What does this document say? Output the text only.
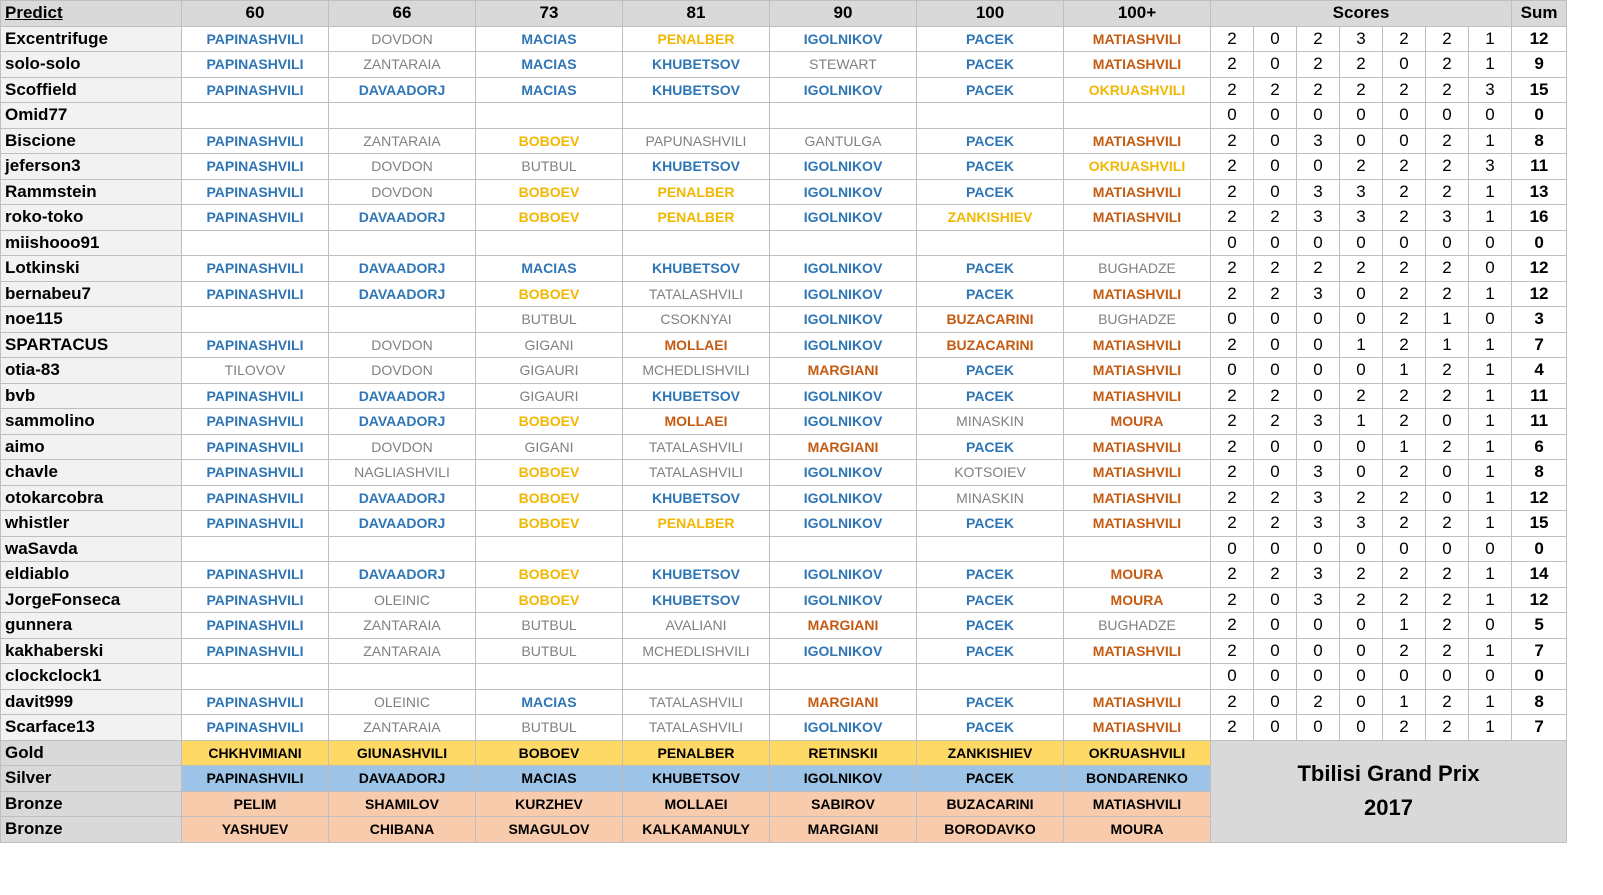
Predict	60	66	73	81	90	100	100+	Scores							Sum
Excentrifuge	PAPINASHVILI	DOVDON	MACIAS	PENALBER	IGOLNIKOV	PACEK	MATIASHVILI	2	0	2	3	2	2	1	12
solo-solo	PAPINASHVILI	ZANTARAIA	MACIAS	KHUBETSOV	STEWART	PACEK	MATIASHVILI	2	0	2	2	0	2	1	9
Scoffield	PAPINASHVILI	DAVAADORJ	MACIAS	KHUBETSOV	IGOLNIKOV	PACEK	OKRUASHVILI	2	2	2	2	2	2	3	15
Omid77								0	0	0	0	0	0	0	0
Biscione	PAPINASHVILI	ZANTARAIA	BOBOEV	PAPUNASHVILI	GANTULGA	PACEK	MATIASHVILI	2	0	3	0	0	2	1	8
jeferson3	PAPINASHVILI	DOVDON	BUTBUL	KHUBETSOV	IGOLNIKOV	PACEK	OKRUASHVILI	2	0	0	2	2	2	3	11
Rammstein	PAPINASHVILI	DOVDON	BOBOEV	PENALBER	IGOLNIKOV	PACEK	MATIASHVILI	2	0	3	3	2	2	1	13
roko-toko	PAPINASHVILI	DAVAADORJ	BOBOEV	PENALBER	IGOLNIKOV	ZANKISHIEV	MATIASHVILI	2	2	3	3	2	3	1	16
miishooo91								0	0	0	0	0	0	0	0
Lotkinski	PAPINASHVILI	DAVAADORJ	MACIAS	KHUBETSOV	IGOLNIKOV	PACEK	BUGHADZE	2	2	2	2	2	2	0	12
bernabeu7	PAPINASHVILI	DAVAADORJ	BOBOEV	TATALASHVILI	IGOLNIKOV	PACEK	MATIASHVILI	2	2	3	0	2	2	1	12
noe115			BUTBUL	CSOKNYAI	IGOLNIKOV	BUZACARINI	BUGHADZE	0	0	0	0	2	1	0	3
SPARTACUS	PAPINASHVILI	DOVDON	GIGANI	MOLLAEI	IGOLNIKOV	BUZACARINI	MATIASHVILI	2	0	0	1	2	1	1	7
otia-83	TILOVOV	DOVDON	GIGAURI	MCHEDLISHVILI	MARGIANI	PACEK	MATIASHVILI	0	0	0	0	1	2	1	4
bvb	PAPINASHVILI	DAVAADORJ	GIGAURI	KHUBETSOV	IGOLNIKOV	PACEK	MATIASHVILI	2	2	0	2	2	2	1	11
sammolino	PAPINASHVILI	DAVAADORJ	BOBOEV	MOLLAEI	IGOLNIKOV	MINASKIN	MOURA	2	2	3	1	2	0	1	11
aimo	PAPINASHVILI	DOVDON	GIGANI	TATALASHVILI	MARGIANI	PACEK	MATIASHVILI	2	0	0	0	1	2	1	6
chavle	PAPINASHVILI	NAGLIASHVILI	BOBOEV	TATALASHVILI	IGOLNIKOV	KOTSOIEV	MATIASHVILI	2	0	3	0	2	0	1	8
otokarcobra	PAPINASHVILI	DAVAADORJ	BOBOEV	KHUBETSOV	IGOLNIKOV	MINASKIN	MATIASHVILI	2	2	3	2	2	0	1	12
whistler	PAPINASHVILI	DAVAADORJ	BOBOEV	PENALBER	IGOLNIKOV	PACEK	MATIASHVILI	2	2	3	3	2	2	1	15
waSavda								0	0	0	0	0	0	0	0
eldiablo	PAPINASHVILI	DAVAADORJ	BOBOEV	KHUBETSOV	IGOLNIKOV	PACEK	MOURA	2	2	3	2	2	2	1	14
JorgeFonseca	PAPINASHVILI	OLEINIC	BOBOEV	KHUBETSOV	IGOLNIKOV	PACEK	MOURA	2	0	3	2	2	2	1	12
gunnera	PAPINASHVILI	ZANTARAIA	BUTBUL	AVALIANI	MARGIANI	PACEK	BUGHADZE	2	0	0	0	1	2	0	5
kakhaberski	PAPINASHVILI	ZANTARAIA	BUTBUL	MCHEDLISHVILI	IGOLNIKOV	PACEK	MATIASHVILI	2	0	0	0	2	2	1	7
clockclock1								0	0	0	0	0	0	0	0
davit999	PAPINASHVILI	OLEINIC	MACIAS	TATALASHVILI	MARGIANI	PACEK	MATIASHVILI	2	0	2	0	1	2	1	8
Scarface13	PAPINASHVILI	ZANTARAIA	BUTBUL	TATALASHVILI	IGOLNIKOV	PACEK	MATIASHVILI	2	0	0	0	2	2	1	7
Gold	CHKHVIMIANI	GIUNASHVILI	BOBOEV	PENALBER	RETINSKII	ZANKISHIEV	OKRUASHVILI	Tbilisi Grand Prix
2017							

Silver	PAPINASHVILI	DAVAADORJ	MACIAS	KHUBETSOV	IGOLNIKOV	PACEK	BONDARENKO								
Bronze	PELIM	SHAMILOV	KURZHEV	MOLLAEI	SABIROV	BUZACARINI	MATIASHVILI								
Bronze	YASHUEV	CHIBANA	SMAGULOV	KALKAMANULY	MARGIANI	BORODAVKO	MOURA								
